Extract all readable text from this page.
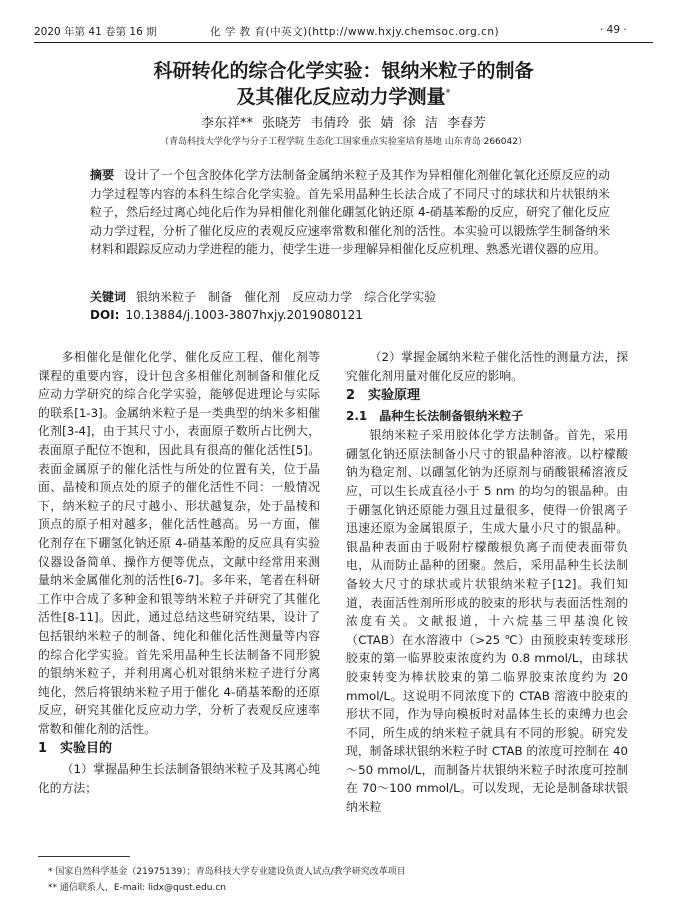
2020 年第 41 卷第 16 期	化 学 教 育(中英文)(http://www.hxjy.chemsoc.org.cn)	· 49 ·
科研转化的综合化学实验：银纳米粒子的制备
及其催化反应动力学测量*
李东祥** 张晓芳 韦倩玲 张 婧 徐 洁 李春芳
（青岛科技大学化学与分子工程学院 生态化工国家重点实验室培育基地 山东青岛 266042）
摘要 设计了一个包含胶体化学方法制备金属纳米粒子及其作为异相催化剂催化氧化还原反应的动力学过程等内容的本科生综合化学实验。首先采用晶种生长法合成了不同尺寸的球状和片状银纳米粒子，然后经过离心纯化后作为异相催化剂催化硼氢化钠还原 4-硝基苯酚的反应，研究了催化反应动力学过程，分析了催化反应的表观反应速率常数和催化剂的活性。本实验可以锻炼学生制备纳米材料和跟踪反应动力学进程的能力，使学生进一步理解异相催化反应机理、熟悉光谱仪器的应用。
关键词 银纳米粒子 制备 催化剂 反应动力学 综合化学实验
DOI: 10.13884/j.1003-3807hxjy.2019080121

多相催化是催化化学、催化反应工程、催化剂等课程的重要内容，设计包含多相催化剂制备和催化反应动力学研究的综合化学实验，能够促进理论与实际的联系[1-3]。金属纳米粒子是一类典型的纳米多相催化剂[3-4]，由于其尺寸小，表面原子数所占比例大，表面原子配位不饱和，因此具有很高的催化活性[5]。表面金属原子的催化活性与所处的位置有关，位于晶面、晶棱和顶点处的原子的催化活性不同：一般情况下，纳米粒子的尺寸越小、形状越复杂，处于晶棱和顶点的原子相对越多，催化活性越高。另一方面，催化剂存在下硼氢化钠还原 4-硝基苯酚的反应具有实验仪器设备简单、操作方便等优点，文献中经常用来测量纳米金属催化剂的活性[6-7]。多年来，笔者在科研工作中合成了多种金和银等纳米粒子并研究了其催化活性[8-11]。因此，通过总结这些研究结果，设计了包括银纳米粒子的制备、纯化和催化活性测量等内容的综合化学实验。首先采用晶种生长法制备不同形貌的银纳米粒子，并利用离心机对银纳米粒子进行分离纯化，然后将银纳米粒子用于催化 4-硝基苯酚的还原反应，研究其催化反应动力学，分析了表观反应速率常数和催化剂的活性。

1　实验目的

（1）掌握晶种生长法制备银纳米粒子及其离心纯化的方法；

（2）掌握金属纳米粒子催化活性的测量方法，探究催化剂用量对催化反应的影响。

2　实验原理
2.1　晶种生长法制备银纳米粒子

银纳米粒子采用胶体化学方法制备。首先，采用硼氢化钠还原法制备小尺寸的银晶种溶液。以柠檬酸钠为稳定剂、以硼氢化钠为还原剂与硝酸银稀溶液反应，可以生长成直径小于 5 nm 的均匀的银晶种。由于硼氢化钠还原能力强且过量很多，使得一价银离子迅速还原为金属银原子，生成大量小尺寸的银晶种。银晶种表面由于吸附柠檬酸根负离子而使表面带负电，从而防止晶种的团聚。然后，采用晶种生长法制备较大尺寸的球状或片状银纳米粒子[12]。我们知道，表面活性剂所形成的胶束的形状与表面活性剂的浓度有关。文献报道，十六烷基三甲基溴化铵（CTAB）在水溶液中（>25 ℃）由预胶束转变球形胶束的第一临界胶束浓度约为 0.8 mmol/L，由球状胶束转变为棒状胶束的第二临界胶束浓度约为 20 mmol/L。这说明不同浓度下的 CTAB 溶液中胶束的形状不同，作为导向模板时对晶体生长的束缚力也会不同，所生成的纳米粒子就具有不同的形貌。研究发现，制备球状银纳米粒子时 CTAB 的浓度可控制在 40～50 mmol/L，而制备片状银纳米粒子时浓度可控制在 70～100 mmol/L。可以发现，无论是制备球状银纳米粒

* 国家自然科学基金（21975139）；青岛科技大学专业建设负责人试点/教学研究改革项目
** 通信联系人，E-mail: lidx@qust.edu.cn
